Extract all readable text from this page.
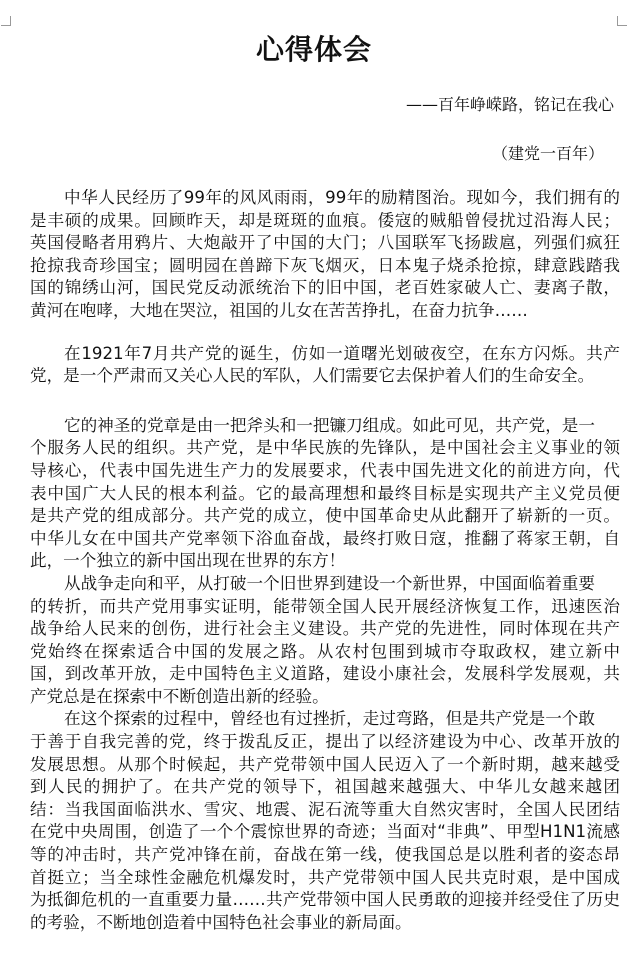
心得体会
——百年峥嵘路，铭记在我心
（建党一百年）
中华人民经历了99年的风风雨雨，99年的励精图治。现如今，我们拥有的
是丰硕的成果。回顾昨天，却是斑斑的血痕。倭寇的贼船曾侵扰过沿海人民；
英国侵略者用鸦片、大炮敲开了中国的大门；八国联军飞扬跋扈，列强们疯狂
抢掠我奇珍国宝；圆明园在兽蹄下灰飞烟灭，日本鬼子烧杀抢掠，肆意践踏我
国的锦绣山河，国民党反动派统治下的旧中国，老百姓家破人亡、妻离子散，
黄河在咆哮，大地在哭泣，祖国的儿女在苦苦挣扎，在奋力抗争……
在1921年7月共产党的诞生，仿如一道曙光划破夜空，在东方闪烁。共产
党，是一个严肃而又关心人民的军队，人们需要它去保护着人们的生命安全。
它的神圣的党章是由一把斧头和一把镰刀组成。如此可见，共产党，是一
个服务人民的组织。共产党，是中华民族的先锋队，是中国社会主义事业的领
导核心，代表中国先进生产力的发展要求，代表中国先进文化的前进方向，代
表中国广大人民的根本利益。它的最高理想和最终目标是实现共产主义党员便
是共产党的组成部分。共产党的成立，使中国革命史从此翻开了崭新的一页。
中华儿女在中国共产党率领下浴血奋战，最终打败日寇，推翻了蒋家王朝，自
此，一个独立的新中国出现在世界的东方！
从战争走向和平，从打破一个旧世界到建设一个新世界，中国面临着重要
的转折，而共产党用事实证明，能带领全国人民开展经济恢复工作，迅速医治
战争给人民来的创伤，进行社会主义建设。共产党的先进性，同时体现在共产
党始终在探索适合中国的发展之路。从农村包围到城市夺取政权，建立新中
国，到改革开放，走中国特色主义道路，建设小康社会，发展科学发展观，共
产党总是在探索中不断创造出新的经验。
在这个探索的过程中，曾经也有过挫折，走过弯路，但是共产党是一个敢
于善于自我完善的党，终于拨乱反正，提出了以经济建设为中心、改革开放的
发展思想。从那个时候起，共产党带领中国人民迈入了一个新时期，越来越受
到人民的拥护了。在共产党的领导下，祖国越来越强大、中华儿女越来越团
结：当我国面临洪水、雪灾、地震、泥石流等重大自然灾害时，全国人民团结
在党中央周围，创造了一个个震惊世界的奇迹；当面对“非典”、甲型H1N1流感
等的冲击时，共产党冲锋在前，奋战在第一线，使我国总是以胜利者的姿态昂
首挺立；当全球性金融危机爆发时，共产党带领中国人民共克时艰，是中国成
为抵御危机的一直重要力量……共产党带领中国人民勇敢的迎接并经受住了历史
的考验，不断地创造着中国特色社会事业的新局面。
